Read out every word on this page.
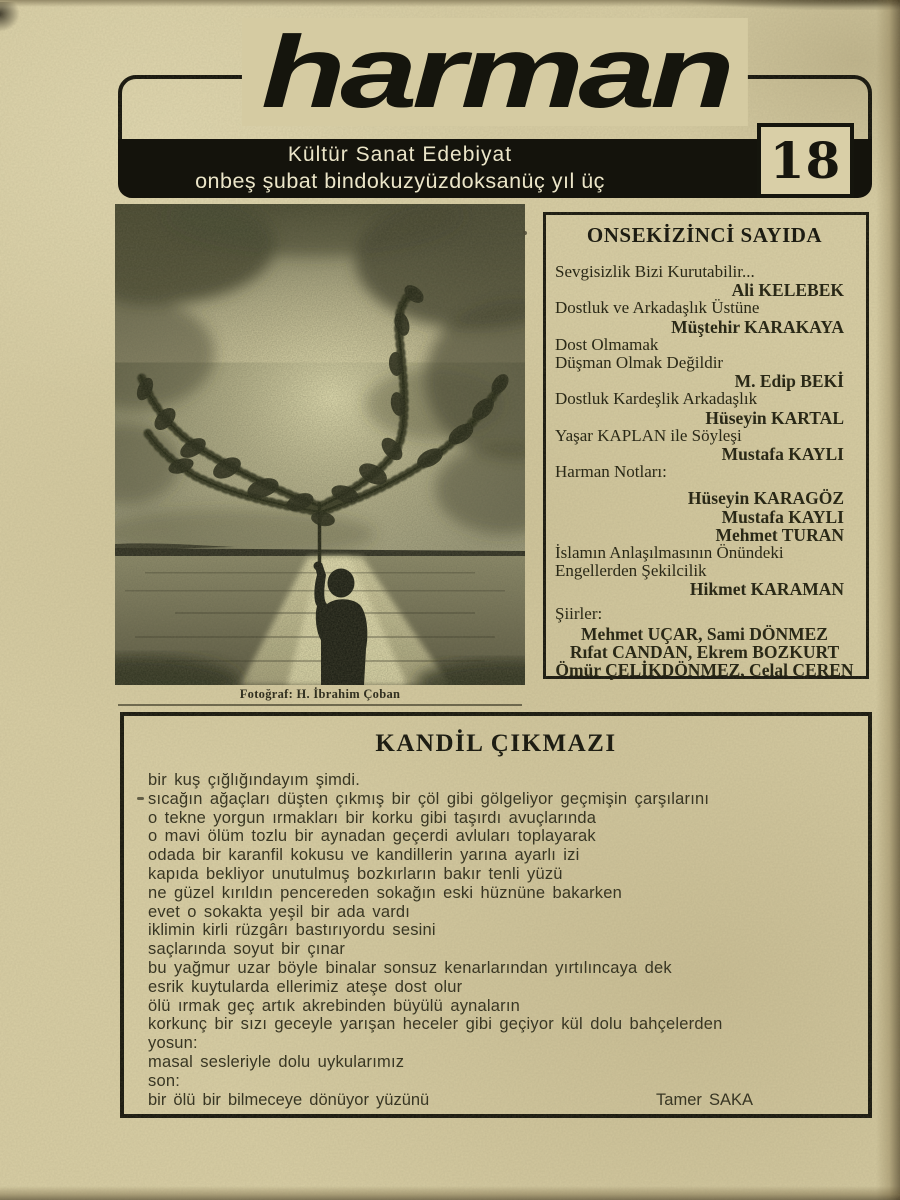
Kültür Sanat Edebiyat
onbeş şubat bindokuzyüzdoksanüç yıl üç
harman
18
Fotoğraf: H. İbrahim Çoban
ONSEKİZİNCİ SAYIDA
Sevgisizlik Bizi Kurutabilir...
Ali KELEBEK
Dostluk ve Arkadaşlık Üstüne
Müştehir KARAKAYA
Dost Olmamak
Düşman Olmak Değildir
M. Edip BEKİ
Dostluk Kardeşlik Arkadaşlık
Hüseyin KARTAL
Yaşar KAPLAN ile Söyleşi
Mustafa KAYLI
Harman Notları:
Hüseyin KARAGÖZ
Mustafa KAYLI
Mehmet TURAN
İslamın Anlaşılmasının Önündeki
Engellerden Şekilcilik
Hikmet KARAMAN
Şiirler:
Mehmet UÇAR, Sami DÖNMEZ
Rıfat CANDAN, Ekrem BOZKURT
Ömür ÇELİKDÖNMEZ, Celal CEREN
KANDİL ÇIKMAZI
bir kuş çığlığındayım şimdi.
sıcağın ağaçları düşten çıkmış bir çöl gibi gölgeliyor geçmişin çarşılarını
o tekne yorgun ırmakları bir korku gibi taşırdı avuçlarında
o mavi ölüm tozlu bir aynadan geçerdi avluları toplayarak
odada bir karanfil kokusu ve kandillerin yarına ayarlı izi
kapıda bekliyor unutulmuş bozkırların bakır tenli yüzü
ne güzel kırıldın pencereden sokağın eski hüznüne bakarken
evet o sokakta yeşil bir ada vardı
iklimin kirli rüzgârı bastırıyordu sesini
saçlarında soyut bir çınar
bu yağmur uzar böyle binalar sonsuz kenarlarından yırtılıncaya dek
esrik kuytularda ellerimiz ateşe dost olur
ölü ırmak geç artık akrebinden büyülü aynaların
korkunç bir sızı geceyle yarışan heceler gibi geçiyor kül dolu bahçelerden
yosun:
masal sesleriyle dolu uykularımız
son:
bir ölü bir bilmeceye dönüyor yüzünü	Tamer SAKA
